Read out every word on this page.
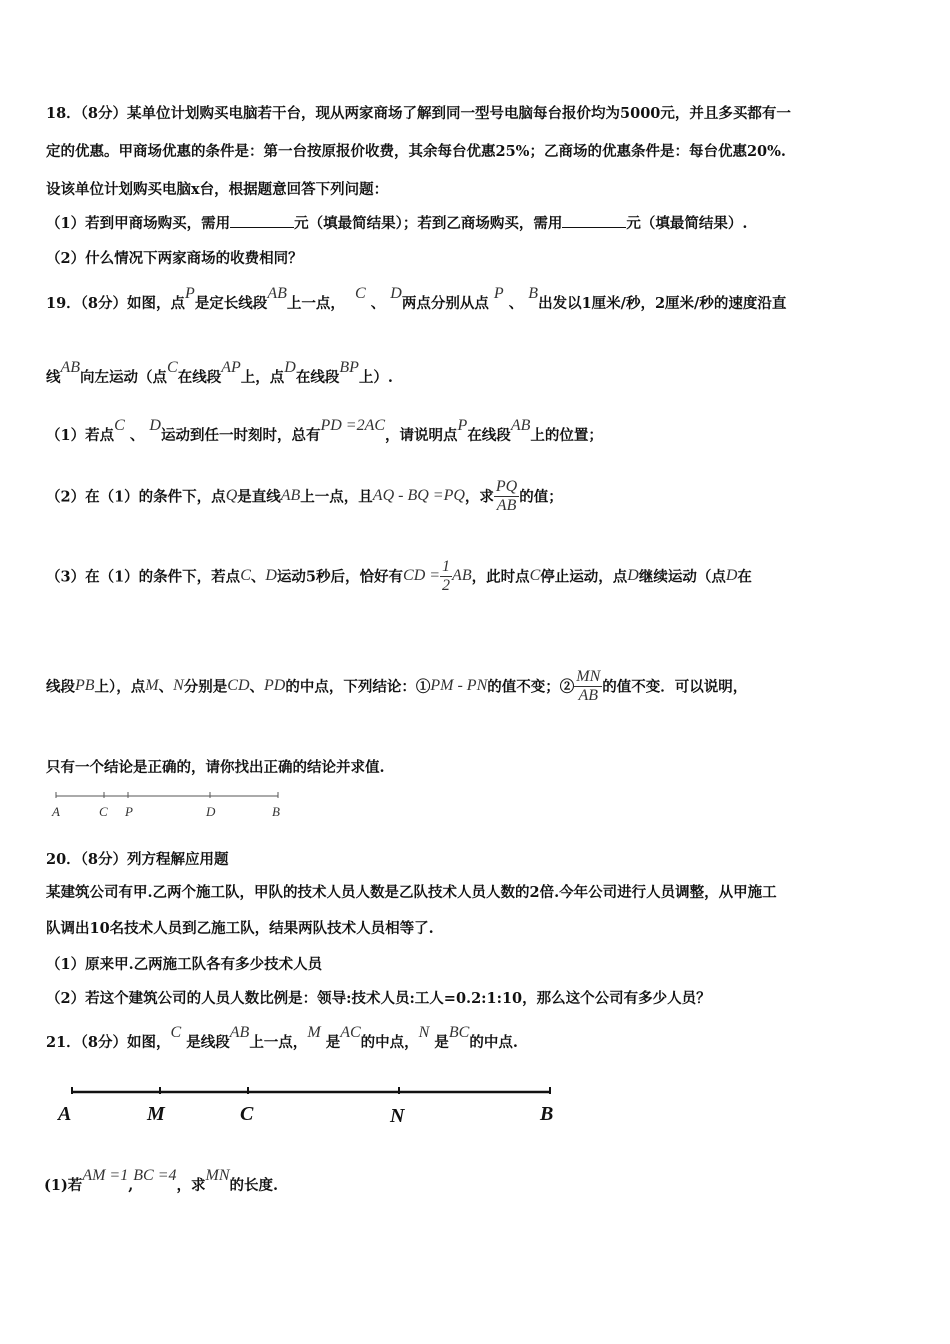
18．（8分）某单位计划购买电脑若干台，现从两家商场了解到同一型号电脑每台报价均为5000元，并且多买都有一
定的优惠。甲商场优惠的条件是：第一台按原报价收费，其余每台优惠25%；乙商场的优惠条件是：每台优惠20%.
设该单位计划购买电脑x台，根据题意回答下列问题：
（1）若到甲商场购买，需用	元（填最简结果）；若到乙商场购买，需用	元（填最简结果）.
（2）什么情况下两家商场的收费相同？
19．（8分）如图，点P是定长线段AB上一点，  C 、 D两点分别从点 P 、 B出发以1厘米/秒，2厘米/秒的速度沿直
线AB向左运动（点C在线段AP上，点D在线段BP上）.
（1）若点C 、 D运动到任一时刻时，总有PD =2AC，请说明点P在线段AB上的位置；
（2）在（1）的条件下，点Q是直线AB上一点，且AQ - BQ =PQ，求 $\frac{PQ}{AB}$ 的值；
（3）在（1）的条件下，若点C、D运动5秒后，恰好有CD = $\frac{1}{2}$ AB，此时点C停止运动，点D继续运动（点D在
线段PB上），点M、N分别是CD、PD的中点，下列结论：①PM - PN的值不变；② $\frac{MN}{AB}$ 的值不变．可以说明，
只有一个结论是正确的，请你找出正确的结论并求值.
A	C P	D	B
20．（8分）列方程解应用题
某建筑公司有甲.乙两个施工队，甲队的技术人员人数是乙队技术人员人数的2倍.今年公司进行人员调整，从甲施工
队调出10名技术人员到乙施工队，结果两队技术人员相等了.
（1）原来甲.乙两施工队各有多少技术人员
（2）若这个建筑公司的人员人数比例是：领导:技术人员:工人=0.2:1:10，那么这个公司有多少人员？
21．（8分）如图，C 是线段AB上一点，M 是AC的中点，N 是BC的中点.
A	M	C	N	B
(1)若AM =1,BC =4，求MN的长度.
